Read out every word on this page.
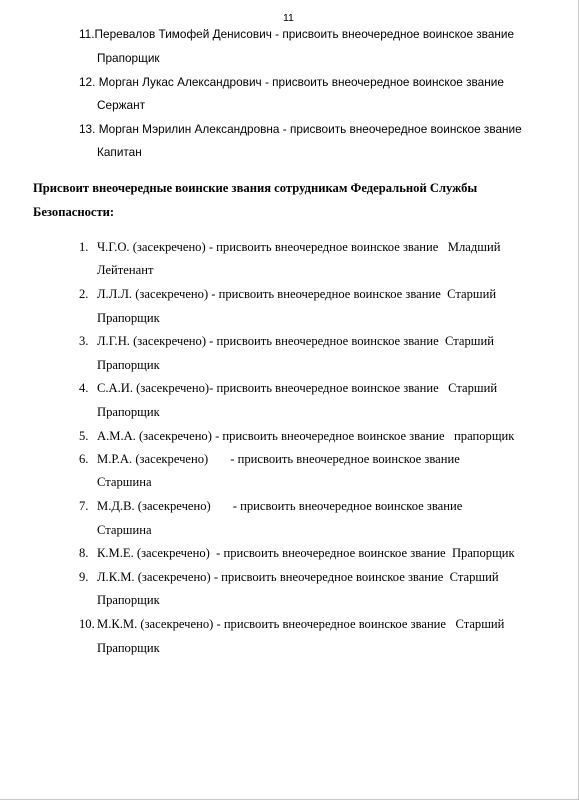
11
11.Перевалов Тимофей Денисович - присвоить внеочередное воинское звание
Прапорщик
12. Морган Лукас Александрович - присвоить внеочередное воинское звание
Сержант
13. Морган Мэрилин Александровна - присвоить внеочередное воинское звание
Капитан
Присвоит внеочередные воинские звания сотрудникам Федеральной Службы
Безопасности:
1. Ч.Г.О. (засекречено) - присвоить внеочередное воинское звание   Младший
Лейтенант
2. Л.Л.Л. (засекречено) - присвоить внеочередное воинское звание  Старший
Прапорщик
3. Л.Г.Н. (засекречено) - присвоить внеочередное воинское звание  Старший
Прапорщик
4. С.А.И. (засекречено)- присвоить внеочередное воинское звание   Старший
Прапорщик
5. А.М.А. (засекречено) - присвоить внеочередное воинское звание   прапорщик
6. М.Р.А. (засекречено)       - присвоить внеочередное воинское звание
Старшина
7. М.Д.В. (засекречено)       - присвоить внеочередное воинское звание
Старшина
8. К.М.Е. (засекречено)  - присвоить внеочередное воинское звание  Прапорщик
9. Л.К.М. (засекречено) - присвоить внеочередное воинское звание  Старший
Прапорщик
10. М.К.М. (засекречено) - присвоить внеочередное воинское звание   Старший
Прапорщик
